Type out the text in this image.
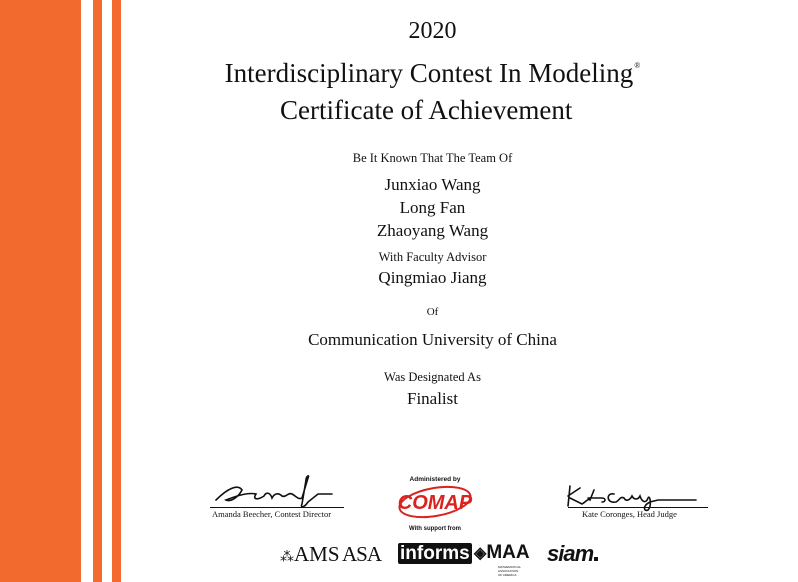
2020
Interdisciplinary Contest In Modeling®
Certificate of Achievement
Be It Known That The Team Of
Junxiao Wang
Long Fan
Zhaoyang Wang
With Faculty Advisor
Qingmiao Jiang
Of
Communication University of China
Was Designated As
Finalist
Amanda Beecher, Contest Director	Kate Coronges, Head Judge
Administered by
COMAP
With support from
⁂AMS ASA informs ◈MAA
MATHEMATICAL ASSOCIATION OF AMERICA
siam
